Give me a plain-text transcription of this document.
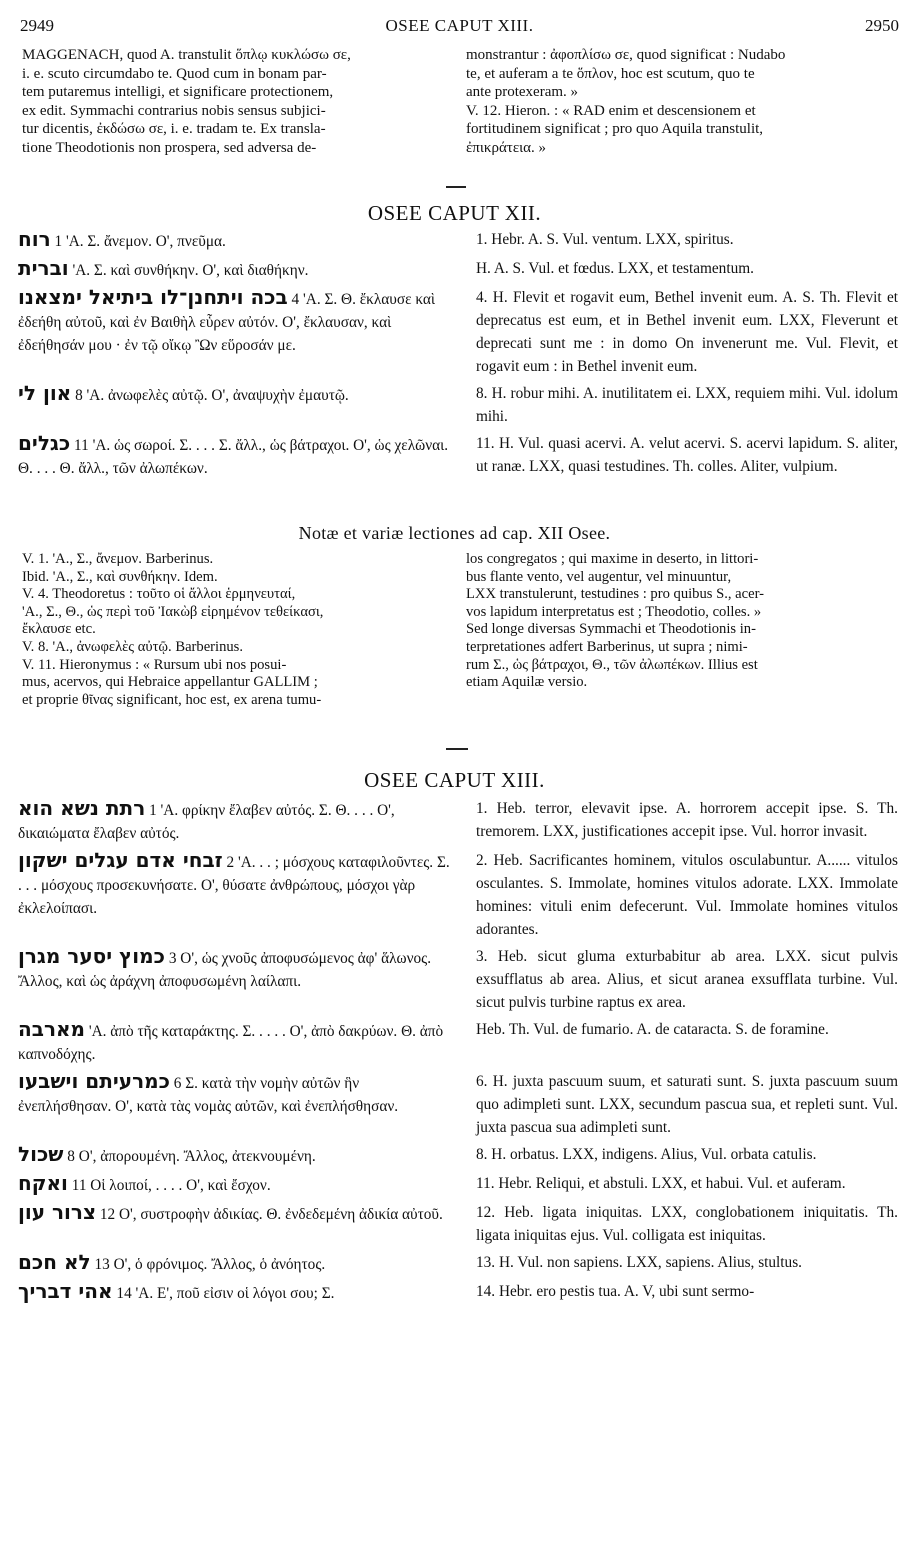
2949	OSEE CAPUT XIII.	2950
MAGGENACH, quod A. transtulit ὅπλῳ κυκλώσω σε,
i. e. scuto circumdabo te. Quod cum in bonam par-
tem putaremus intelligi, et significare protectionem,
ex edit. Symmachi contrarius nobis sensus subjici-
tur dicentis, ἐκδώσω σε, i. e. tradam te. Ex transla-
tione Theodotionis non prospera, sed adversa de-
monstrantur : ἀφοπλίσω σε, quod significat : Nudabo
te, et auferam a te ὅπλον, hoc est scutum, quo te
ante protexeram. »
V. 12. Hieron. : « RAD enim et descensionem et
fortitudinem significat ; pro quo Aquila transtulit,
ἐπικράτεια. »
OSEE CAPUT XII.
רוח 1 'Α. Σ. ἄνεμον. Ο', πνεῦμα.	1. Hebr. A. S. Vul. ventum. LXX, spiritus.
וברית 'Α. Σ. καὶ συνθήκην. Ο', καὶ διαθήκην.	H. A. S. Vul. et fœdus. LXX, et testamentum.
בכה ויתחנן־לו ביתיאל ימצאנו 4 'Α. Σ. Θ. ἔκλαυσε καὶ ἐδεήθη αὐτοῦ, καὶ ἐν Βαιθὴλ εὗρεν αὐτόν. Ο', ἔκλαυσαν, καὶ ἐδεήθησάν μου · ἐν τῷ οἴκῳ Ὢν εὕροσάν με.
4. H. Flevit et rogavit eum, Bethel invenit eum. A. S. Th. Flevit et deprecatus est eum, et in Bethel invenit eum. LXX, Fleverunt et deprecati sunt me : in domo On invenerunt me. Vul. Flevit, et rogavit eum : in Bethel invenit eum.
און לי 8 'Α. ἀνωφελὲς αὐτῷ. Ο', ἀναψυχὴν ἐμαυτῷ.	8. H. robur mihi. A. inutilitatem ei. LXX, requiem mihi. Vul. idolum mihi.
כגלים 11 'Α. ὡς σωροί. Σ. . . . Σ. ἄλλ., ὡς βάτραχοι. Ο', ὡς χελῶναι. Θ. . . . Θ. ἄλλ., τῶν ἀλωπέκων.
11. H. Vul. quasi acervi. A. velut acervi. S. acervi lapidum. S. aliter, ut ranæ. LXX, quasi testudines. Th. colles. Aliter, vulpium.
Notæ et variæ lectiones ad cap. XII Osee.
V. 1. 'Α., Σ., ἄνεμον. Barberinus.
Ibid. 'Α., Σ., καὶ συνθήκην. Idem.
V. 4. Theodoretus : τοῦτο οἱ ἄλλοι ἑρμηνευταί,
'Α., Σ., Θ., ὡς περὶ τοῦ Ἰακὼβ εἰρημένον τεθείκασι,
ἔκλαυσε etc.
V. 8. 'Α., ἀνωφελὲς αὐτῷ. Barberinus.
V. 11. Hieronymus : « Rursum ubi nos posui-
mus, acervos, qui Hebraice appellantur GALLIM ;
et proprie θῖνας significant, hoc est, ex arena tumu-
los congregatos ; qui maxime in deserto, in littori-
bus flante vento, vel augentur, vel minuuntur,
LXX transtulerunt, testudines : pro quibus S., acer-
vos lapidum interpretatus est ; Theodotio, colles. »
Sed longe diversas Symmachi et Theodotionis in-
terpretationes adfert Barberinus, ut supra ; nimi-
rum Σ., ὡς βάτραχοι, Θ., τῶν ἀλωπέκων. Illius est
etiam Aquilæ versio.
OSEE CAPUT XIII.
רתת נשא הוא 1 'Α. φρίκην ἔλαβεν αὐτός. Σ. Θ. . . . Ο', δικαιώματα ἔλαβεν αὐτός.
1. Heb. terror, elevavit ipse. A. horrorem accepit ipse. S. Th. tremorem. LXX, justificationes accepit ipse. Vul. horror invasit.
זבחי אדם עגלים ישקון 2 'Α. . . ; μόσχους καταφιλοῦντες. Σ. . . . μόσχους προσεκυνήσατε. Ο', θύσατε ἀνθρώπους, μόσχοι γὰρ ἐκλελοίπασι.
2. Heb. Sacrificantes hominem, vitulos osculabuntur. A...... vitulos osculantes. S. Immolate, homines vitulos adorate. LXX. Immolate homines: vituli enim defecerunt. Vul. Immolate homines vitulos adorantes.
כמוץ יסער מגרן 3 Ο', ὡς χνοῦς ἀποφυσώμενος ἀφ' ἅλωνος. Ἄλλος, καὶ ὡς ἀράχνη ἀποφυσωμένη λαίλαπι.
3. Heb. sicut gluma exturbabitur ab area. LXX. sicut pulvis exsufflatus ab area. Alius, et sicut aranea exsufflata turbine. Vul. sicut pulvis turbine raptus ex area.
מארבה 'Α. ἀπὸ τῆς καταράκτης. Σ. . . . . Ο', ἀπὸ δακρύων. Θ. ἀπὸ καπνοδόχης.
Heb. Th. Vul. de fumario. A. de cataracta. S. de foramine.
כמרעיתם וישבעו 6 Σ. κατὰ τὴν νομὴν αὐτῶν ἣν ἐνεπλήσθησαν. Ο', κατὰ τὰς νομὰς αὐτῶν, καὶ ἐνεπλήσθησαν.
6. H. juxta pascuum suum, et saturati sunt. S. juxta pascuum suum quo adimpleti sunt. LXX, secundum pascua sua, et repleti sunt. Vul. juxta pascua sua adimpleti sunt.
שכול 8 Ο', ἀπορουμένη. Ἄλλος, ἀτεκνουμένη.	8. H. orbatus. LXX, indigens. Alius, Vul. orbata catulis.
ואקח 11 Οἱ λοιποί, . . . . Ο', καὶ ἔσχον.	11. Hebr. Reliqui, et abstuli. LXX, et habui. Vul. et auferam.
צרור עון 12 Ο', συστροφὴν ἀδικίας. Θ. ἐνδεδεμένη ἀδικία αὐτοῦ.	12. Heb. ligata iniquitas. LXX, conglobationem iniquitatis. Th. ligata iniquitas ejus. Vul. colligata est iniquitas.
לא חכם 13 Ο', ὁ φρόνιμος. Ἄλλος, ὁ ἀνόητος.	13. H. Vul. non sapiens. LXX, sapiens. Alius, stultus.
אהי דבריך 14 'Α. Ε', ποῦ εἰσιν οἱ λόγοι σου; Σ.	14. Hebr. ero pestis tua. A. V, ubi sunt sermo-
